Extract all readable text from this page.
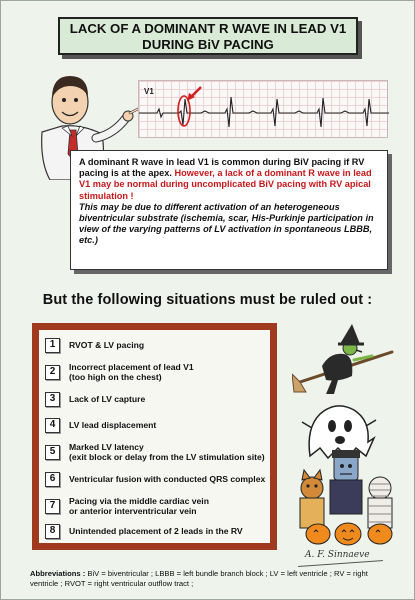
LACK OF A DOMINANT R WAVE IN LEAD V1
DURING BiV PACING
V1
A dominant R wave in lead V1 is common during BiV pacing if RV pacing is at the apex. However, a lack of a dominant R wave in lead V1 may be normal during uncomplicated BiV pacing with RV apical stimulation !
This may be due to different activation of an heterogeneous biventricular substrate (ischemia, scar, His-Purkinje participation in view of the varying patterns of LV activation in spontaneous LBBB, etc.)
But the following situations must be ruled out :
1	RVOT & LV pacing
2	Incorrect placement of lead V1
(too high on the chest)
3	Lack of LV capture
4	LV lead displacement
5	Marked LV latency
(exit block or delay from the LV stimulation site)
6	Ventricular fusion with conducted QRS complex
7	Pacing via the middle cardiac vein
or anterior interventricular vein
8	Unintended placement of 2 leads in the RV
A. F. Sinnaeve
Abbreviations : BiV = biventricular ; LBBB = left bundle branch block ; LV = left ventricle ; RV = right ventricle ; RVOT = right ventricular outflow tract ;
